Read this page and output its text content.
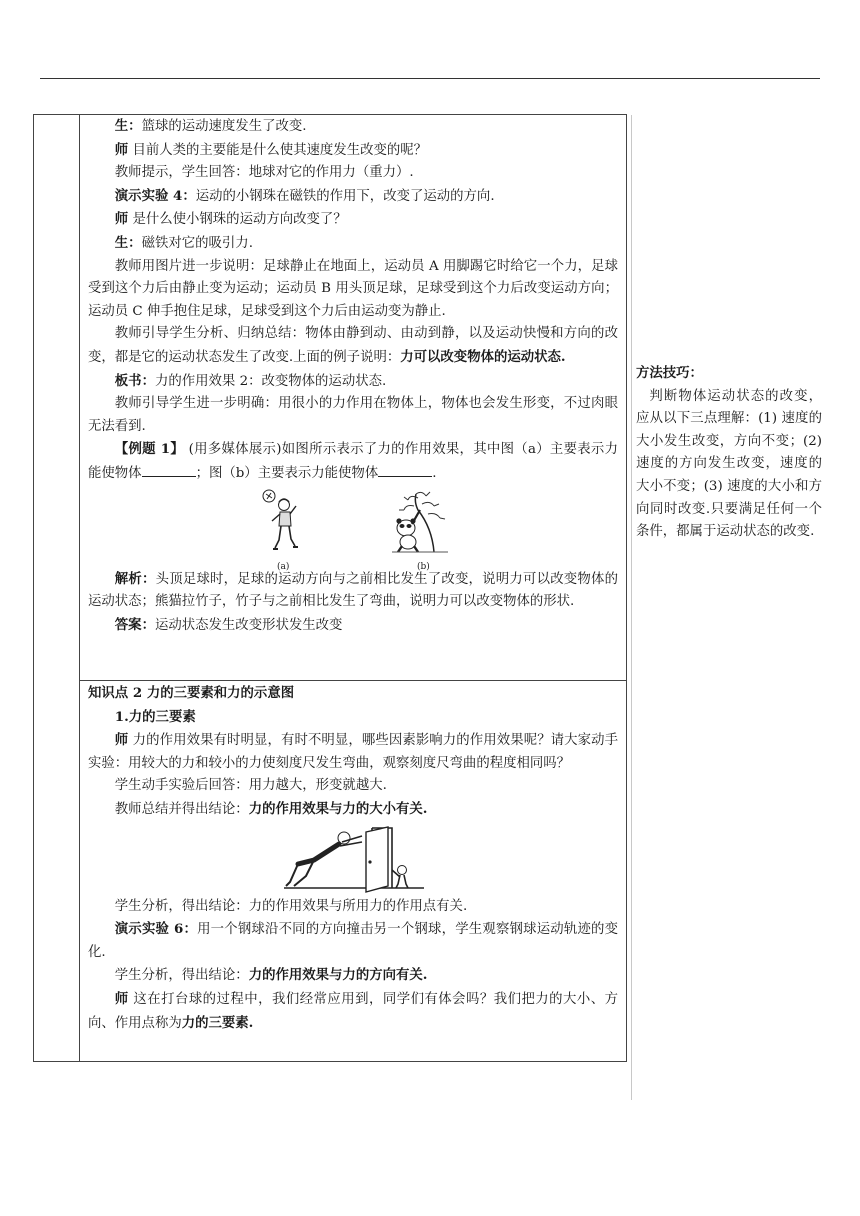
生：篮球的运动速度发生了改变.

师 目前人类的主要能是什么使其速度发生改变的呢？

教师提示，学生回答：地球对它的作用力（重力）.

演示实验 4：运动的小钢珠在磁铁的作用下，改变了运动的方向.

师 是什么使小钢珠的运动方向改变了？

生：磁铁对它的吸引力.

教师用图片进一步说明：足球静止在地面上，运动员 A 用脚踢它时给它一个力，足球受到这个力后由静止变为运动；运动员 B 用头顶足球，足球受到这个力后改变运动方向；运动员 C 伸手抱住足球，足球受到这个力后由运动变为静止.

教师引导学生分析、归纳总结：物体由静到动、由动到静，以及运动快慢和方向的改变，都是它的运动状态发生了改变.上面的例子说明：力可以改变物体的运动状态.

板书：力的作用效果 2：改变物体的运动状态.

教师引导学生进一步明确：用很小的力作用在物体上，物体也会发生形变，不过肉眼无法看到.

【例题 1】 (用多媒体展示)如图所示表示了力的作用效果，其中图（a）主要表示力能使物体	；图（b）主要表示力能使物体	.

(a)	(b)

解析：头顶足球时，足球的运动方向与之前相比发生了改变，说明力可以改变物体的运动状态；熊猫拉竹子，竹子与之前相比发生了弯曲，说明力可以改变物体的形状.

答案：运动状态发生改变形状发生改变

知识点 2 力的三要素和力的示意图

1.力的三要素

师 力的作用效果有时明显，有时不明显，哪些因素影响力的作用效果呢？请大家动手实验：用较大的力和较小的力使刻度尺发生弯曲，观察刻度尺弯曲的程度相同吗？

学生动手实验后回答：用力越大，形变就越大.

教师总结并得出结论：力的作用效果与力的大小有关.

学生分析，得出结论：力的作用效果与所用力的作用点有关.

演示实验 6：用一个钢球沿不同的方向撞击另一个钢球，学生观察钢球运动轨迹的变化.

学生分析，得出结论：力的作用效果与力的方向有关.

师 这在打台球的过程中，我们经常应用到，同学们有体会吗？我们把力的大小、方向、作用点称为力的三要素.

方法技巧：

判断物体运动状态的改变，应从以下三点理解：(1) 速度的大小发生改变，方向不变；(2) 速度的方向发生改变，速度的大小不变；(3) 速度的大小和方向同时改变.只要满足任何一个条件，都属于运动状态的改变.
